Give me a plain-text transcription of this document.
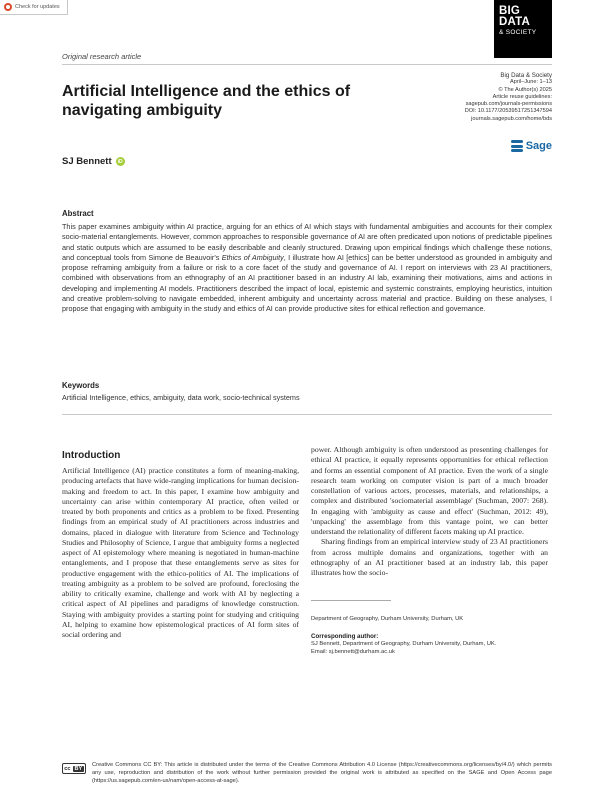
Check for updates	BIG
DATA
& SOCIETY
Original research article
Big Data & Society
April–June: 1–13
© The Author(s) 2025
Article reuse guidelines:
sagepub.com/journals-permissions
DOI: 10.1177/20539517251347594
journals.sagepub.com/home/bds
Sage
Artificial Intelligence and the ethics of navigating ambiguity
SJ Bennett	iD
Abstract
This paper examines ambiguity within AI practice, arguing for an ethics of AI which stays with fundamental ambiguities and accounts for their complex socio-material entanglements. However, common approaches to responsible governance of AI are often predicated upon notions of predictable pipelines and static outputs which are assumed to be easily describable and cleanly structured. Drawing upon empirical findings which challenge these notions, and conceptual tools from Simone de Beauvoir's Ethics of Ambiguity, I illustrate how AI [ethics] can be better understood as grounded in ambiguity and propose reframing ambiguity from a failure or risk to a core facet of the study and governance of AI. I report on interviews with 23 AI practitioners, combined with observations from an ethnography of an AI practitioner based in an industry AI lab, examining their motivations, aims and actions in developing and implementing AI models. Practitioners described the impact of local, epistemic and systemic constraints, employing heuristics, intuition and creative problem-solving to navigate embedded, inherent ambiguity and uncertainty across material and practice. Building on these analyses, I propose that engaging with ambiguity in the study and ethics of AI can provide productive sites for ethical reflection and governance.
Keywords
Artificial Intelligence, ethics, ambiguity, data work, socio-technical systems
Introduction

Artificial Intelligence (AI) practice constitutes a form of meaning-making, producing artefacts that have wide-ranging implications for human decision-making and freedom to act. In this paper, I examine how ambiguity and uncertainty can arise within contemporary AI practice, often veiled or treated by both proponents and critics as a problem to be fixed. Presenting findings from an empirical study of AI practitioners across industries and domains, placed in dialogue with literature from Science and Technology Studies and Philosophy of Science, I argue that ambiguity forms a neglected aspect of AI epistemology where meaning is negotiated in human-machine entanglements, and I propose that these entanglements serve as sites for productive engagement with the ethico-politics of AI. The implications of treating ambiguity as a problem to be solved are profound, foreclosing the ability to critically examine, challenge and work with AI by neglecting a critical aspect of AI pipelines and paradigms of knowledge construction. Staying with ambiguity provides a starting point for studying and critiquing AI, helping to examine how epistemological practices of AI form sites of social ordering and

power. Although ambiguity is often understood as presenting challenges for ethical AI practice, it equally represents opportunities for ethical reflection and forms an essential component of AI practice. Even the work of a single research team working on computer vision is part of a much broader constellation of various actors, processes, materials, and relationships, a complex and distributed 'sociomaterial assemblage' (Suchman, 2007: 268). In engaging with 'ambiguity as cause and effect' (Suchman, 2012: 49), 'unpacking' the assemblage from this vantage point, we can better understand the relationality of different facets making up AI practice.

Sharing findings from an empirical interview study of 23 AI practitioners from across multiple domains and organizations, together with an ethnography of an AI practitioner based at an industry lab, this paper illustrates how the socio-

Department of Geography, Durham University, Durham, UK
Corresponding author:
SJ Bennett, Department of Geography, Durham University, Durham, UK.
Email: sj.bennett@durham.ac.uk
cc BY
Creative Commons CC BY: This article is distributed under the terms of the Creative Commons Attribution 4.0 License (https://creativecommons.org/licenses/by/4.0/) which permits any use, reproduction and distribution of the work without further permission provided the original work is attributed as specified on the SAGE and Open Access page (https://us.sagepub.com/en-us/nam/open-access-at-sage).
